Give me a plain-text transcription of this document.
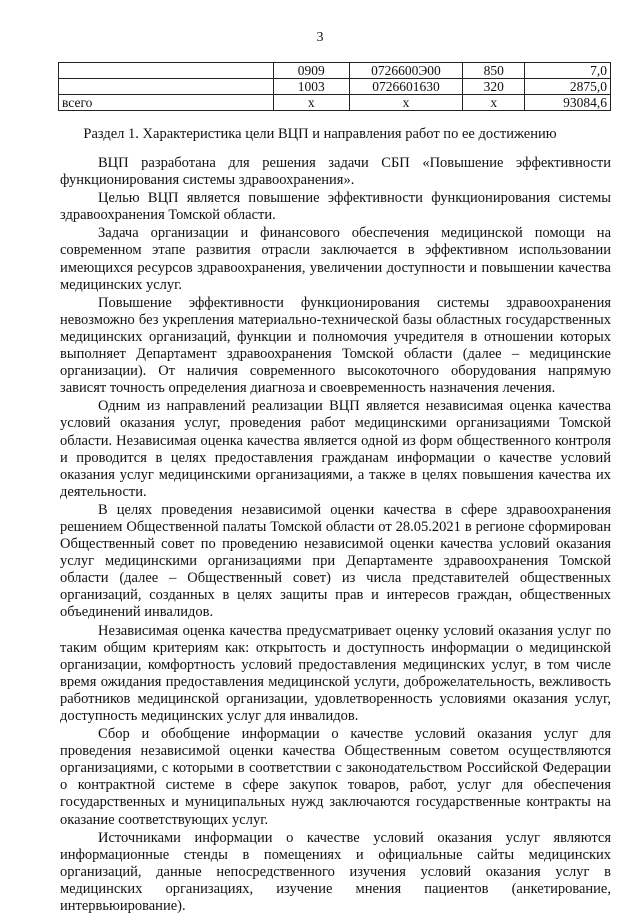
3
	0909	0726600Э00	850	7,0
	1003	0726601630	320	2875,0
всего	х	х	х	93084,6
Раздел 1. Характеристика цели ВЦП и направления работ по ее достижению

ВЦП разработана для решения задачи СБП «Повышение эффективности функционирования системы здравоохранения».

Целью ВЦП является повышение эффективности функционирования системы здравоохранения Томской области.

Задача организации и финансового обеспечения медицинской помощи на современном этапе развития отрасли заключается в эффективном использовании имеющихся ресурсов здравоохранения, увеличении доступности и повышении качества медицинских услуг.

Повышение эффективности функционирования системы здравоохранения невозможно без укрепления материально-технической базы областных государственных медицинских организаций, функции и полномочия учредителя в отношении которых выполняет Департамент здравоохранения Томской области (далее – медицинские организации). От наличия современного высокоточного оборудования напрямую зависят точность определения диагноза и своевременность назначения лечения.

Одним из направлений реализации ВЦП является независимая оценка качества условий оказания услуг, проведения работ медицинскими организациями Томской области. Независимая оценка качества является одной из форм общественного контроля и проводится в целях предоставления гражданам информации о качестве условий оказания услуг медицинскими организациями, а также в целях повышения качества их деятельности.

В целях проведения независимой оценки качества в сфере здравоохранения решением Общественной палаты Томской области от 28.05.2021 в регионе сформирован Общественный совет по проведению независимой оценки качества условий оказания услуг медицинскими организациями при Департаменте здравоохранения Томской области (далее – Общественный совет) из числа представителей общественных организаций, созданных в целях защиты прав и интересов граждан, общественных объединений инвалидов.

Независимая оценка качества предусматривает оценку условий оказания услуг по таким общим критериям как: открытость и доступность информации о медицинской организации, комфортность условий предоставления медицинских услуг, в том числе время ожидания предоставления медицинской услуги, доброжелательность, вежливость работников медицинской организации, удовлетворенность условиями оказания услуг, доступность медицинских услуг для инвалидов.

Сбор и обобщение информации о качестве условий оказания услуг для проведения независимой оценки качества Общественным советом осуществляются организациями, с которыми в соответствии с законодательством Российской Федерации о контрактной системе в сфере закупок товаров, работ, услуг для обеспечения государственных и муниципальных нужд заключаются государственные контракты на оказание соответствующих услуг.

Источниками информации о качестве условий оказания услуг являются информационные стенды в помещениях и официальные сайты медицинских организаций, данные непосредственного изучения условий оказания услуг в медицинских организациях, изучение мнения пациентов (анкетирование, интервьюирование).
